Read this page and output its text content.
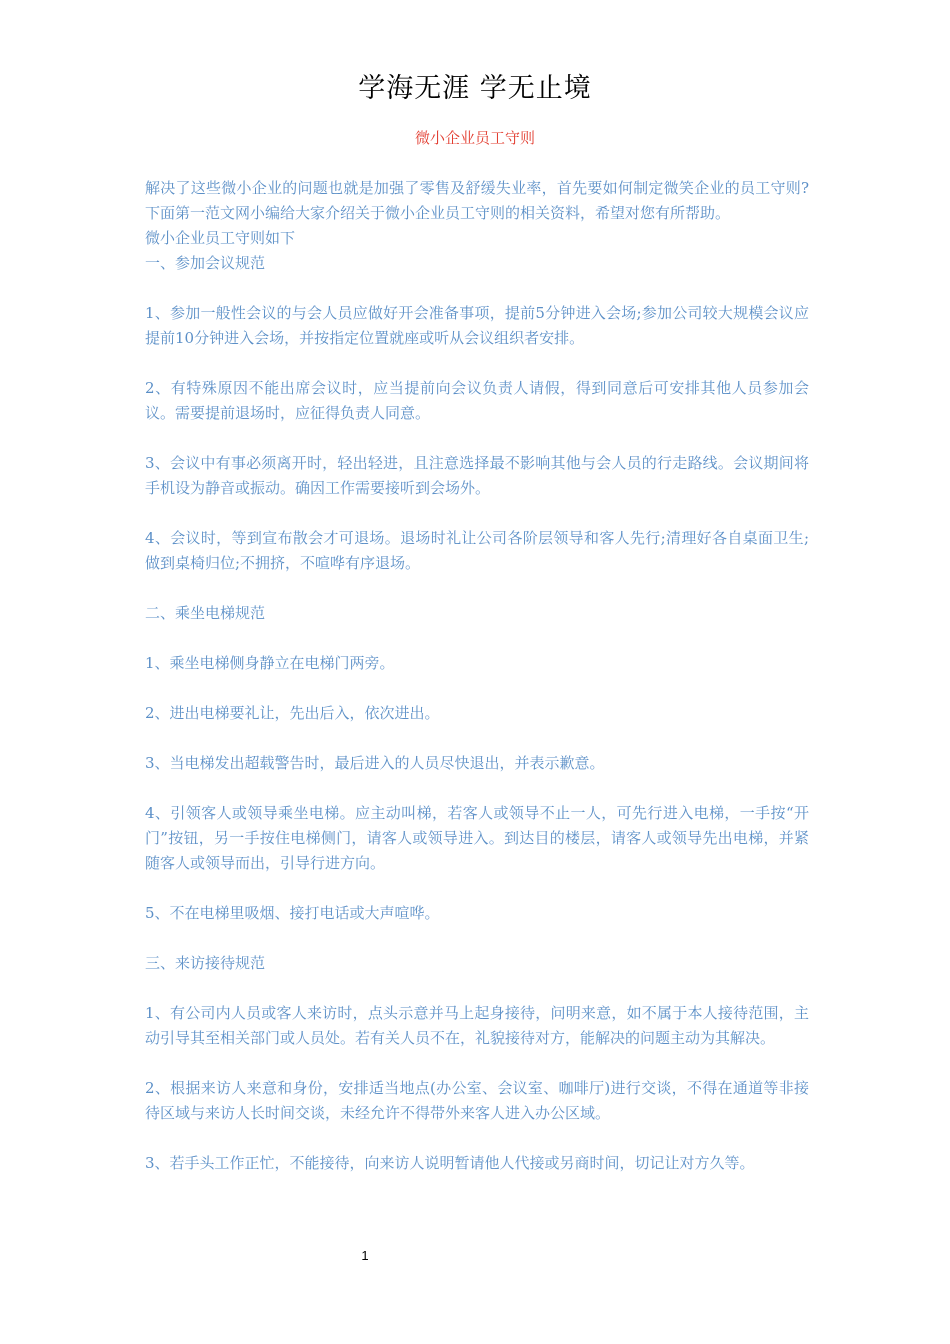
学海无涯 学无止境
微小企业员工守则

解决了这些微小企业的问题也就是加强了零售及舒缓失业率，首先要如何制定微笑企业的员工守则?下面第一范文网小编给大家介绍关于微小企业员工守则的相关资料，希望对您有所帮助。

微小企业员工守则如下

一、参加会议规范

1、参加一般性会议的与会人员应做好开会准备事项，提前5分钟进入会场;参加公司较大规模会议应提前10分钟进入会场，并按指定位置就座或听从会议组织者安排。

2、有特殊原因不能出席会议时，应当提前向会议负责人请假，得到同意后可安排其他人员参加会议。需要提前退场时，应征得负责人同意。

3、会议中有事必须离开时，轻出轻进，且注意选择最不影响其他与会人员的行走路线。会议期间将手机设为静音或振动。确因工作需要接听到会场外。

4、会议时，等到宣布散会才可退场。退场时礼让公司各阶层领导和客人先行;清理好各自桌面卫生;做到桌椅归位;不拥挤，不喧哗有序退场。

二、乘坐电梯规范

1、乘坐电梯侧身静立在电梯门两旁。

2、进出电梯要礼让，先出后入，依次进出。

3、当电梯发出超载警告时，最后进入的人员尽快退出，并表示歉意。

4、引领客人或领导乘坐电梯。应主动叫梯，若客人或领导不止一人，可先行进入电梯，一手按“开门”按钮，另一手按住电梯侧门，请客人或领导进入。到达目的楼层，请客人或领导先出电梯，并紧随客人或领导而出，引导行进方向。

5、不在电梯里吸烟、接打电话或大声喧哗。

三、来访接待规范

1、有公司内人员或客人来访时，点头示意并马上起身接待，问明来意，如不属于本人接待范围，主动引导其至相关部门或人员处。若有关人员不在，礼貌接待对方，能解决的问题主动为其解决。

2、根据来访人来意和身份，安排适当地点(办公室、会议室、咖啡厅)进行交谈，不得在通道等非接待区域与来访人长时间交谈，未经允许不得带外来客人进入办公区域。

3、若手头工作正忙，不能接待，向来访人说明暂请他人代接或另商时间，切记让对方久等。

1
